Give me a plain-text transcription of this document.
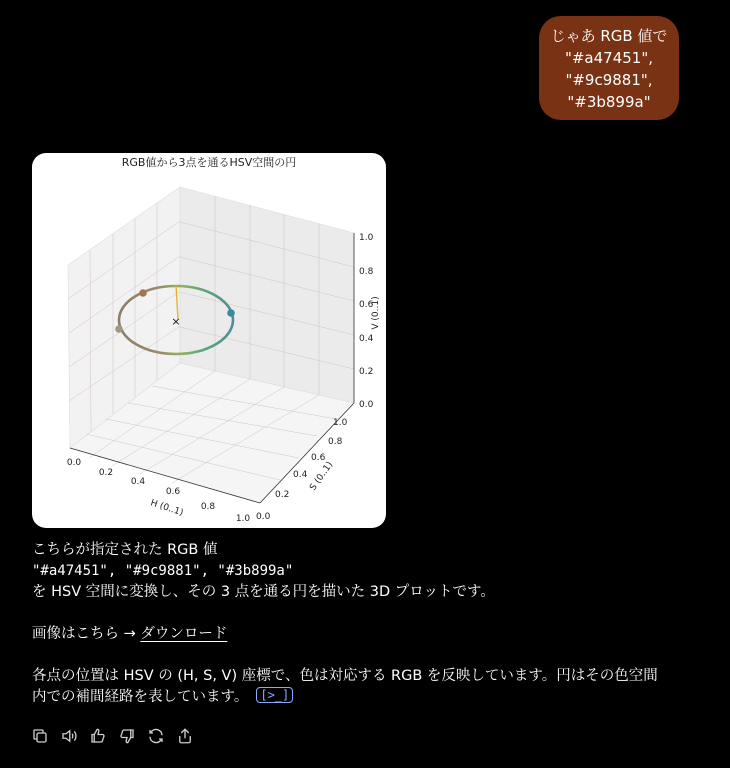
じゃあ RGB 値で
"#a47451",
"#9c9881",
"#3b899a"
RGB値から3点を通るHSV空間の円
0.0
0.2
0.4
0.6
0.8
1.0
H (0..1)	0.0
0.2
0.4
0.6
0.8
1.0
S (0..1)
0.0
0.2
0.4
0.6
0.8
1.0
V (0..1)
×
こちらが指定された RGB 値
"#a47451", "#9c9881", "#3b899a"
を HSV 空間に変換し、その 3 点を通る円を描いた 3D プロットです。
画像はこちら → ダウンロード
各点の位置は HSV の (H, S, V) 座標で、色は対応する RGB を反映しています。円はその色空間
内での補間経路を表しています。 [>_]
